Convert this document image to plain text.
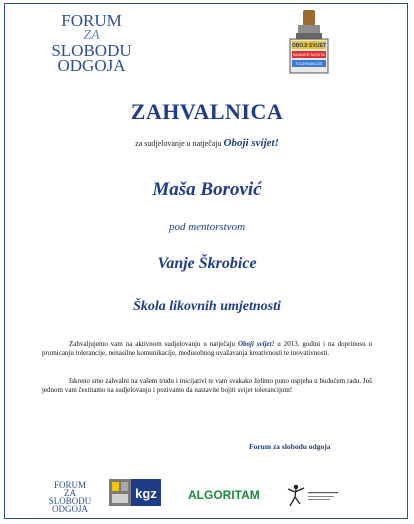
FORUM
ZA
SLOBODU
ODGOJA
OBOJI SVIJET
BANNER MOSTA
TOLERANCIJE
ZAHVALNICA
za sudjelovanje u natječaju Oboji svijet!
Maša Borović
pod mentorstvom
Vanje Škrobice
Škola likovnih umjetnosti
Zahvaljujemo vam na aktivnom sudjelovanju u natječaju Oboji svijet! u 2013. godini i na doprinosu u promicanju tolerancije, nenasilne komunikacije, međusobnog uvažavanja kreativnosti te inovativnosti.
Iskreno smo zahvalni na vašem trudu i inicijativi te vam svakako želimo puno uspjeha u budućem radu. Još jednom vam čestitamo na sudjelovanju i pozivamo da nastavite bojiti svijet tolerancijom!
Forum za slobodu odgoja
FORUM
ZA
SLOBODU
ODGOJA
kgz	ALGORITAM
